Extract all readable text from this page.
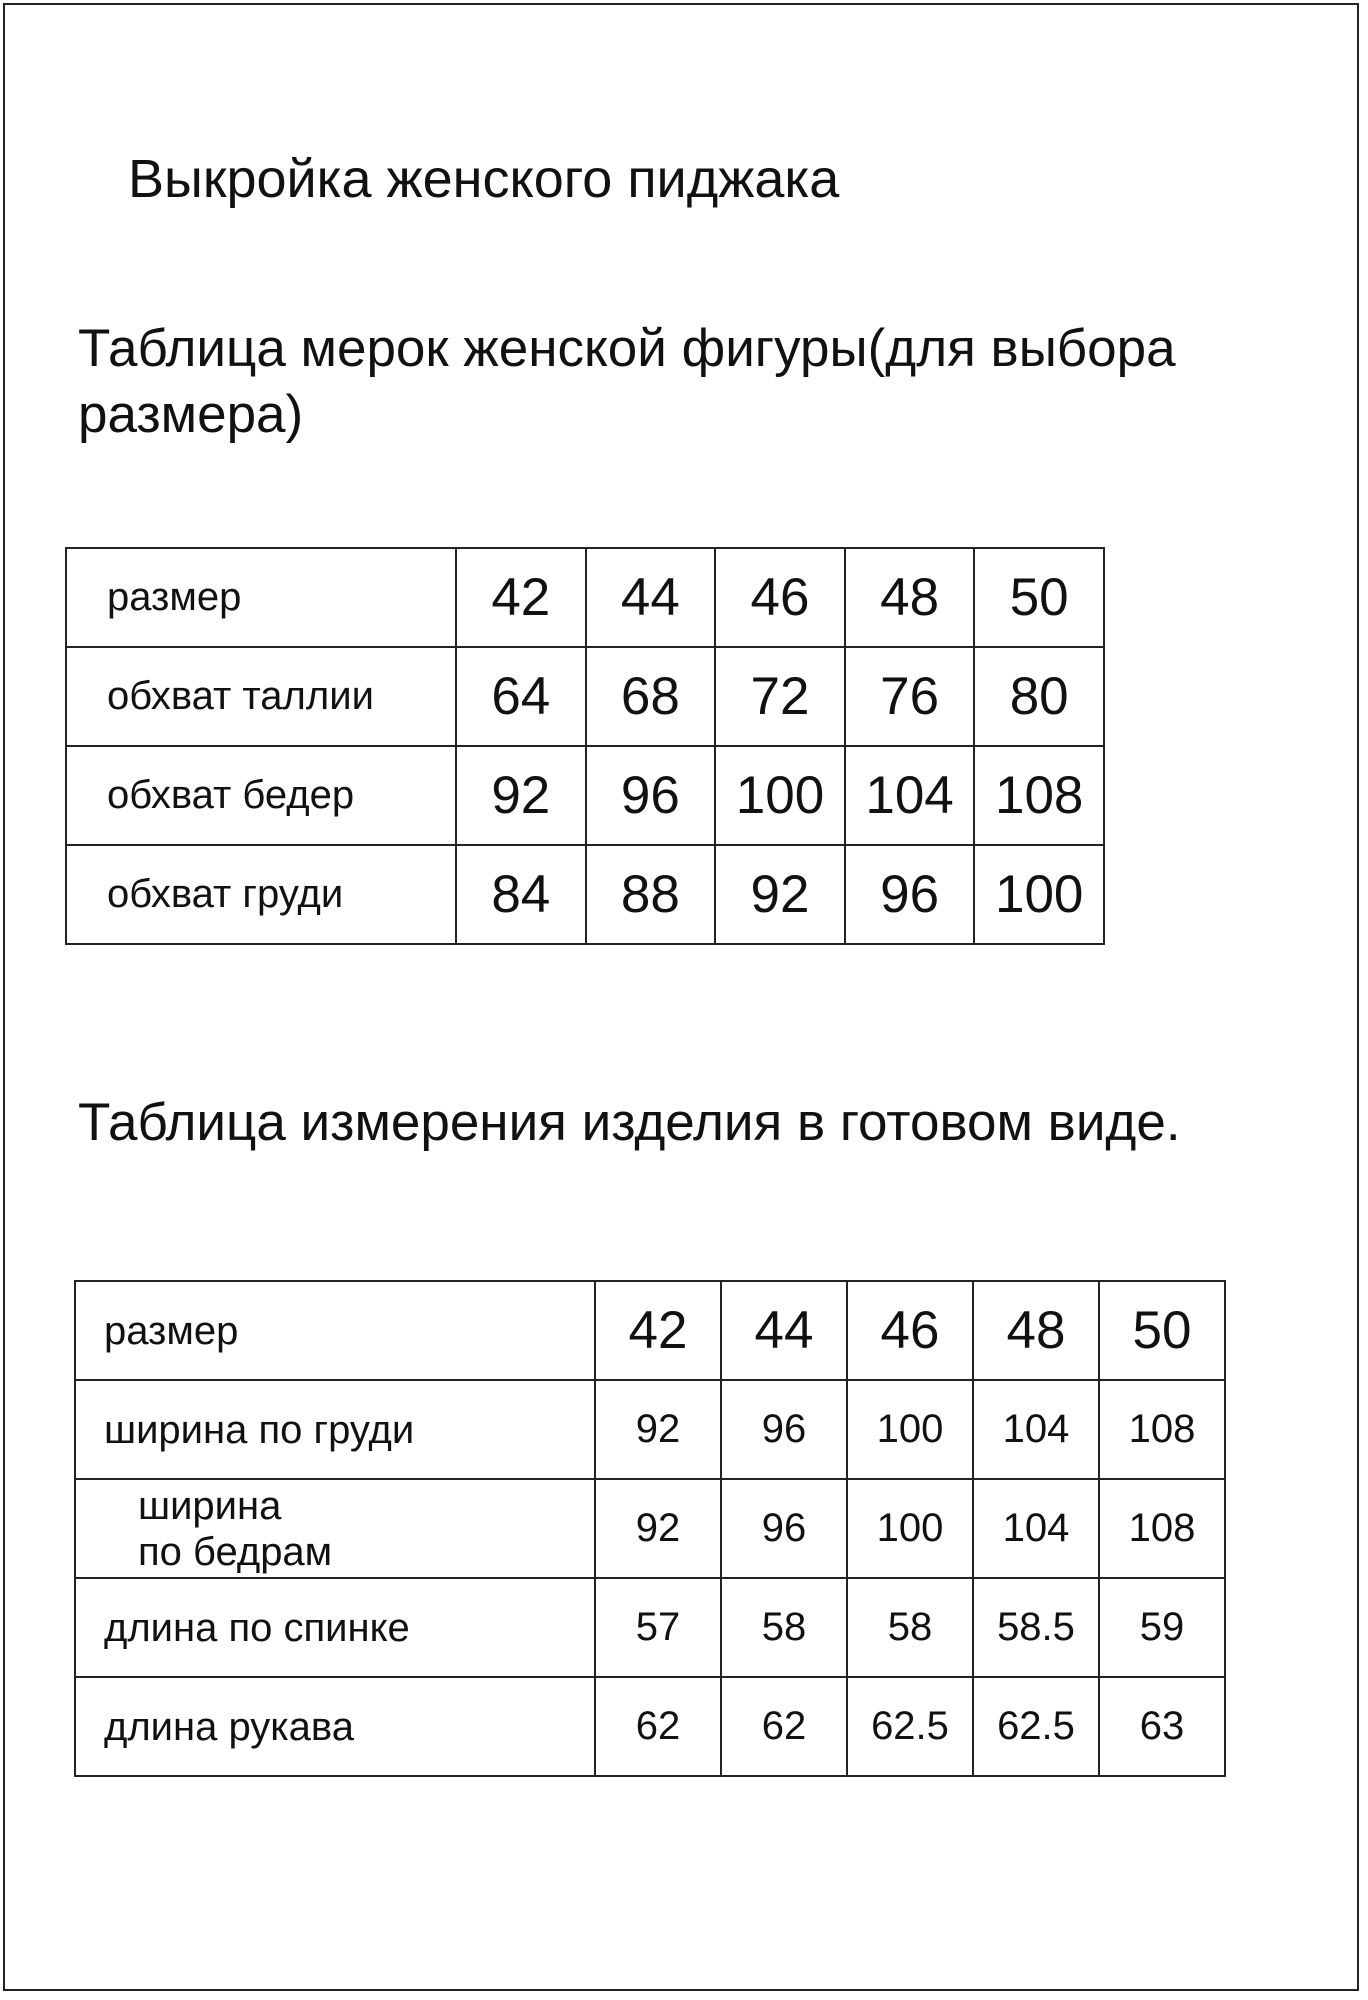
Выкройка женского пиджака
Таблица мерок женской фигуры(для выбора размера)
размер	42	44	46	48	50
обхват таллии	64	68	72	76	80
обхват бедер	92	96	100	104	108
обхват груди	84	88	92	96	100
Таблица измерения изделия в готовом виде.
размер	42	44	46	48	50
ширина по груди	92	96	100	104	108

ширина
по бедрам	92	96	100	104	108
длина по спинке	57	58	58	58.5	59
длина рукава	62	62	62.5	62.5	63
